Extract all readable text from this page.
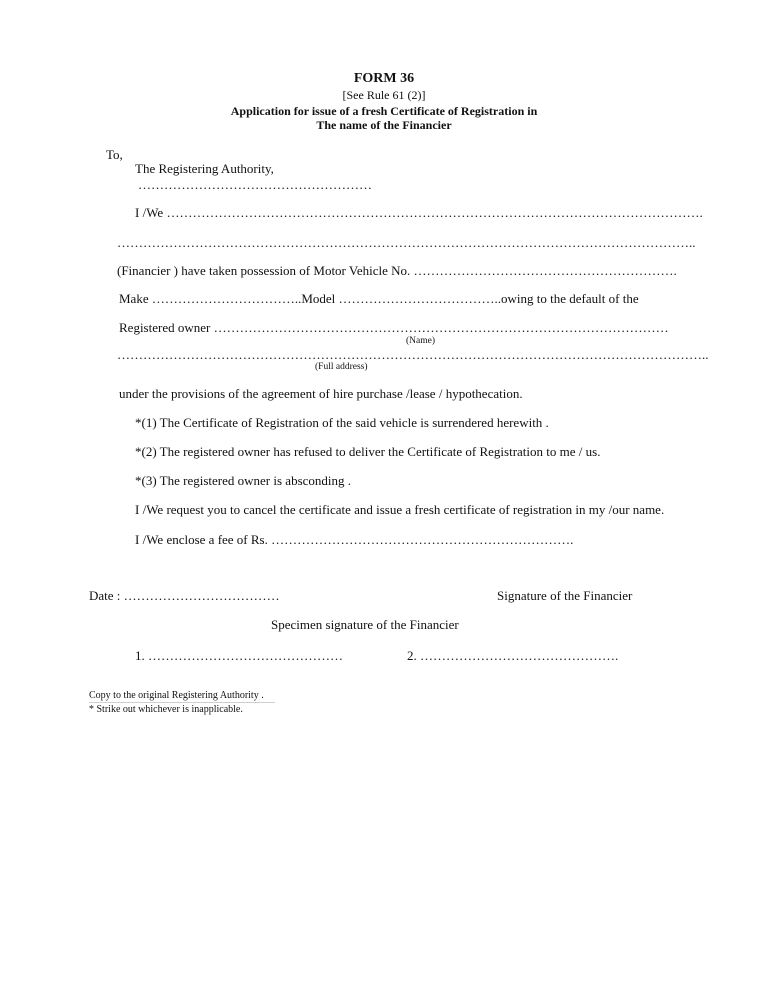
FORM 36
[See Rule 61 (2)]
Application for issue of a fresh Certificate of Registration in
The name of the Financier
To,
The Registering Authority,
………………………………………………
I /We …………………………………………………………………………………………………………….
……………………………………………………………………………………………………………………..
(Financier ) have taken possession of Motor Vehicle No. …………………………………………………….
Make ……………………………..Model ………………………………..owing to the default of the
Registered owner ……………………………………………………………………………………………
(Name)
………………………………………………………………………………………………………………………..
(Full address)
under the provisions of the agreement of hire purchase /lease / hypothecation.
*(1) The Certificate of Registration of the said vehicle is surrendered herewith .
*(2) The registered owner has refused to deliver the Certificate of Registration to me / us.
*(3) The registered owner is absconding .
I /We request you to cancel the certificate and issue a fresh certificate of registration in my /our name.
I /We enclose a fee of Rs. …………………………………………………………….
Date : ………………………………	Signature of the Financier
Specimen signature of the Financier
1. ………………………………………	2. ……………………………………….
Copy to the original Registering Authority .
* Strike out whichever is inapplicable.
